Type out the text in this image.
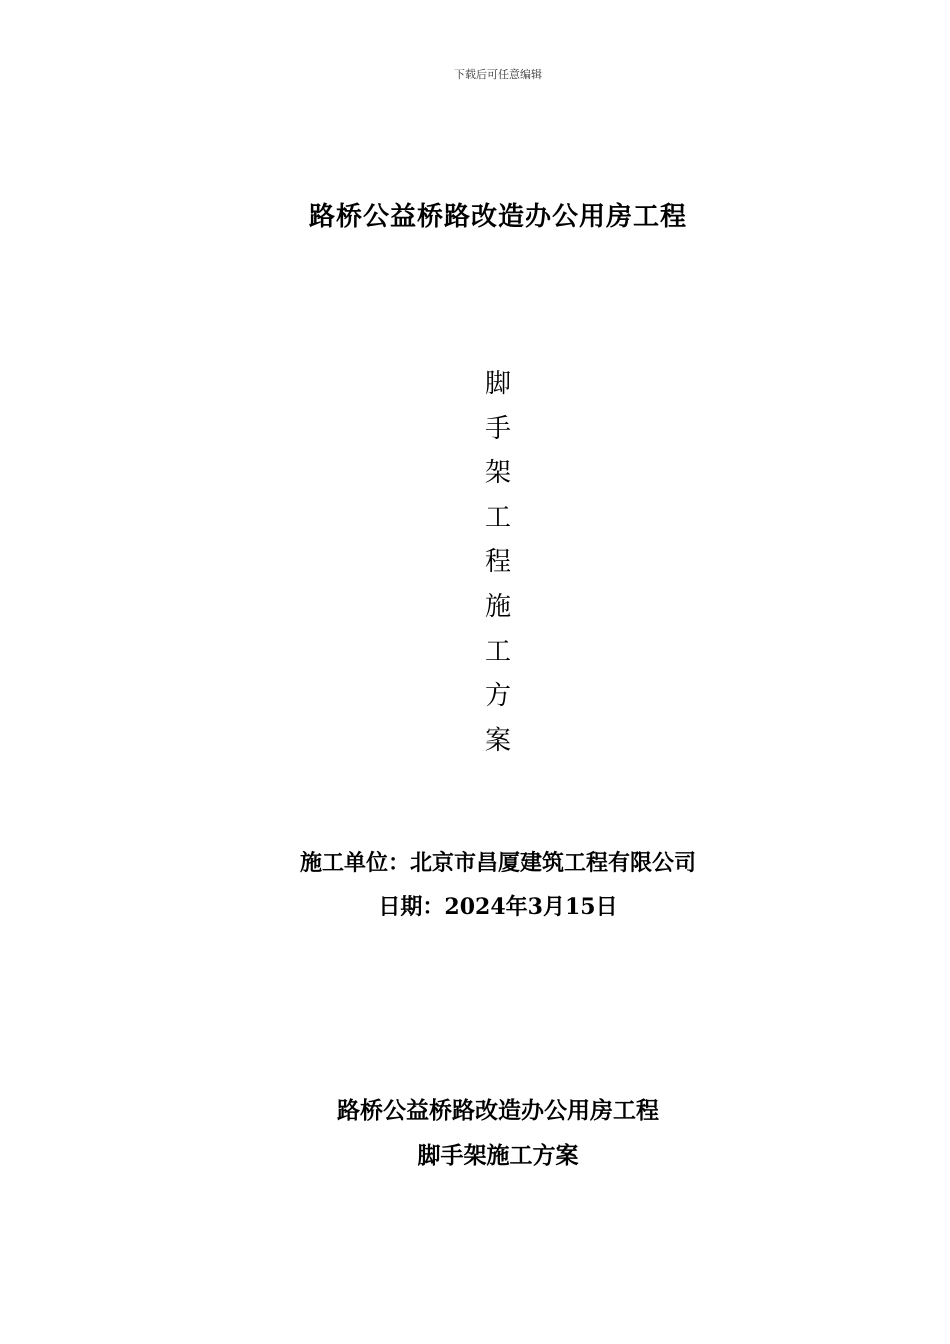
下载后可任意编辑
路桥公益桥路改造办公用房工程
脚
手
架
工
程
施
工
方
案
施工单位：北京市昌厦建筑工程有限公司
日期：2024年3月15日
路桥公益桥路改造办公用房工程
脚手架施工方案
